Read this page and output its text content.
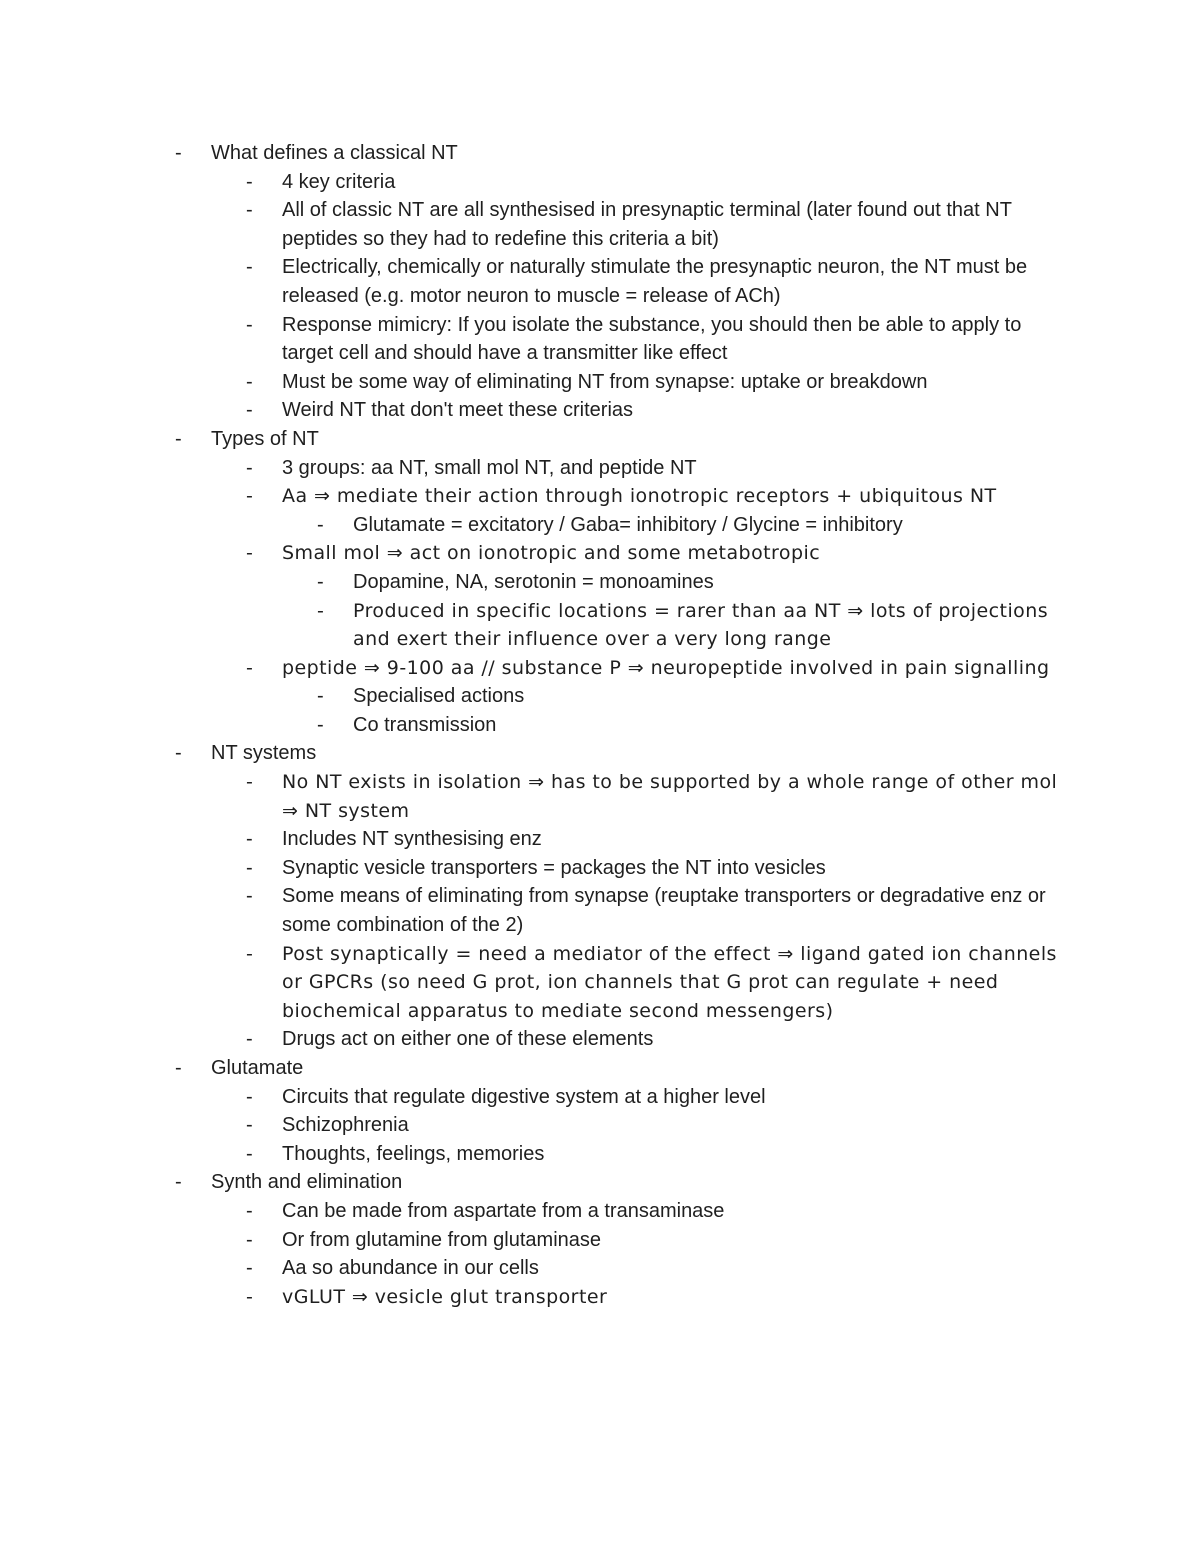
- What defines a classical NT
- 4 key criteria
- All of classic NT are all synthesised in presynaptic terminal (later found out that NT peptides so they had to redefine this criteria a bit)
- Electrically, chemically or naturally stimulate the presynaptic neuron, the NT must be released (e.g. motor neuron to muscle = release of ACh)
- Response mimicry: If you isolate the substance, you should then be able to apply to target cell and should have a transmitter like effect
- Must be some way of eliminating NT from synapse: uptake or breakdown
- Weird NT that don't meet these criterias
- Types of NT
- 3 groups: aa NT, small mol NT, and peptide NT
- Aa ⇒ mediate their action through ionotropic receptors + ubiquitous NT
- Glutamate = excitatory / Gaba= inhibitory / Glycine = inhibitory
- Small mol ⇒ act on ionotropic and some metabotropic
- Dopamine, NA, serotonin = monoamines
- Produced in specific locations = rarer than aa NT ⇒ lots of projections and exert their influence over a very long range
- peptide ⇒ 9-100 aa // substance P ⇒ neuropeptide involved in pain signalling
- Specialised actions
- Co transmission
- NT systems
- No NT exists in isolation ⇒ has to be supported by a whole range of other mol ⇒ NT system
- Includes NT synthesising enz
- Synaptic vesicle transporters = packages the NT into vesicles
- Some means of eliminating from synapse (reuptake transporters or degradative enz or some combination of the 2)
- Post synaptically = need a mediator of the effect ⇒ ligand gated ion channels or GPCRs (so need G prot, ion channels that G prot can regulate + need biochemical apparatus to mediate second messengers)
- Drugs act on either one of these elements
- Glutamate
- Circuits that regulate digestive system at a higher level
- Schizophrenia
- Thoughts, feelings, memories
- Synth and elimination
- Can be made from aspartate from a transaminase
- Or from glutamine from glutaminase
- Aa so abundance in our cells
- vGLUT ⇒ vesicle glut transporter
